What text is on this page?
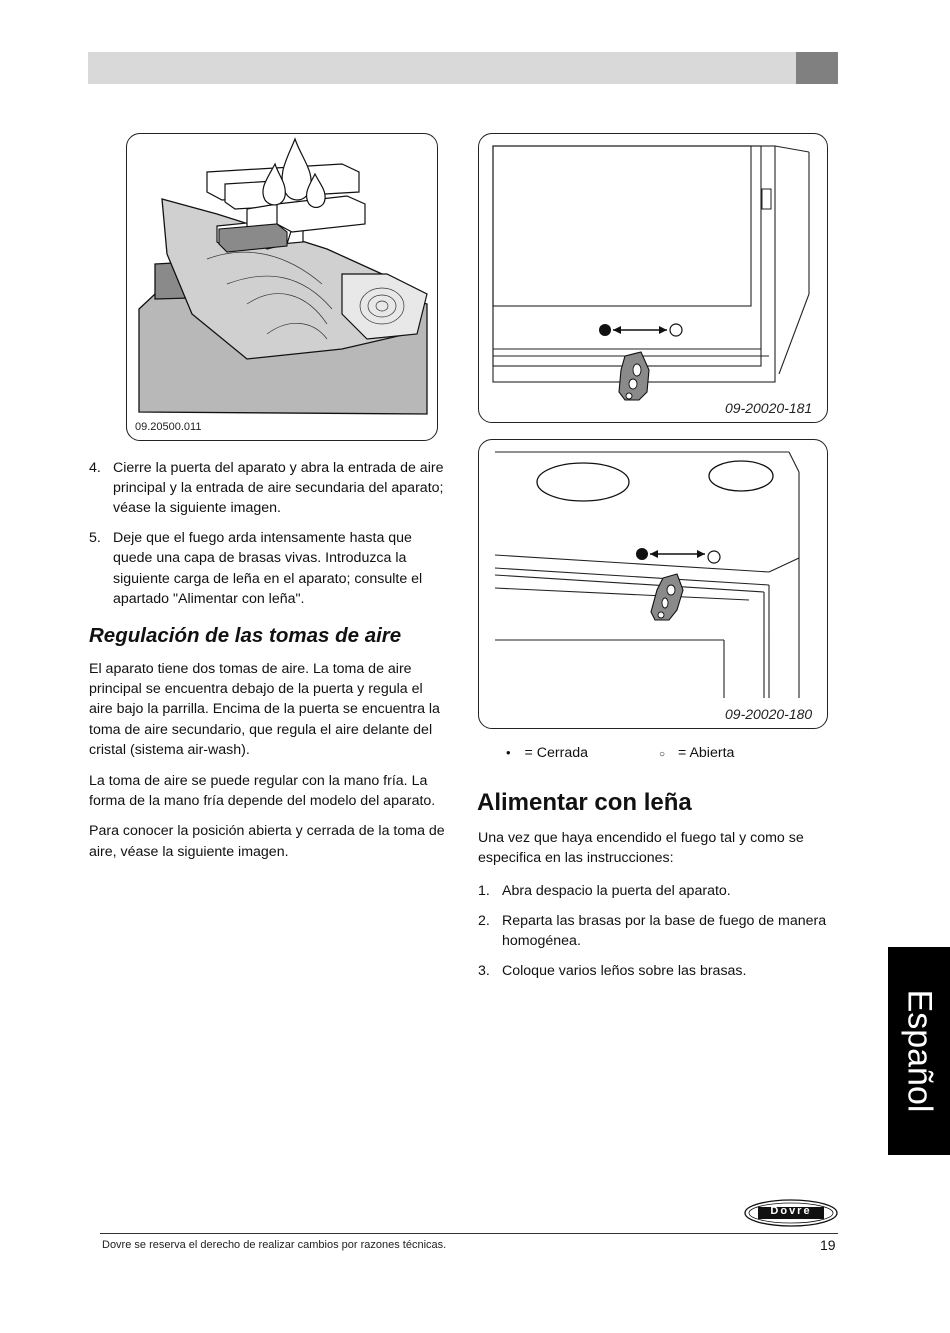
09.20500.011
09-20020-181
09-20020-180
4. Cierre la puerta del aparato y abra la entrada de aire principal y la entrada de aire secundaria del aparato; véase la siguiente imagen.
5. Deje que el fuego arda intensamente hasta que quede una capa de brasas vivas. Introduzca la siguiente carga de leña en el aparato; consulte el apartado "Alimentar con leña".
Regulación de las tomas de aire

El aparato tiene dos tomas de aire. La toma de aire principal se encuentra debajo de la puerta y regula el aire bajo la parrilla. Encima de la puerta se encuentra la toma de aire secundario, que regula el aire delante del cristal (sistema air-wash).

La toma de aire se puede regular con la mano fría. La forma de la mano fría depende del modelo del aparato.

Para conocer la posición abierta y cerrada de la toma de aire, véase la siguiente imagen.

• = Cerrada	○ = Abierta
Alimentar con leña

Una vez que haya encendido el fuego tal y como se especifica en las instrucciones:

1. Abra despacio la puerta del aparato.
2. Reparta las brasas por la base de fuego de manera homogénea.
3. Coloque varios leños sobre las brasas.
Español
Dovre
Dovre se reserva el derecho de realizar cambios por razones técnicas.	19
